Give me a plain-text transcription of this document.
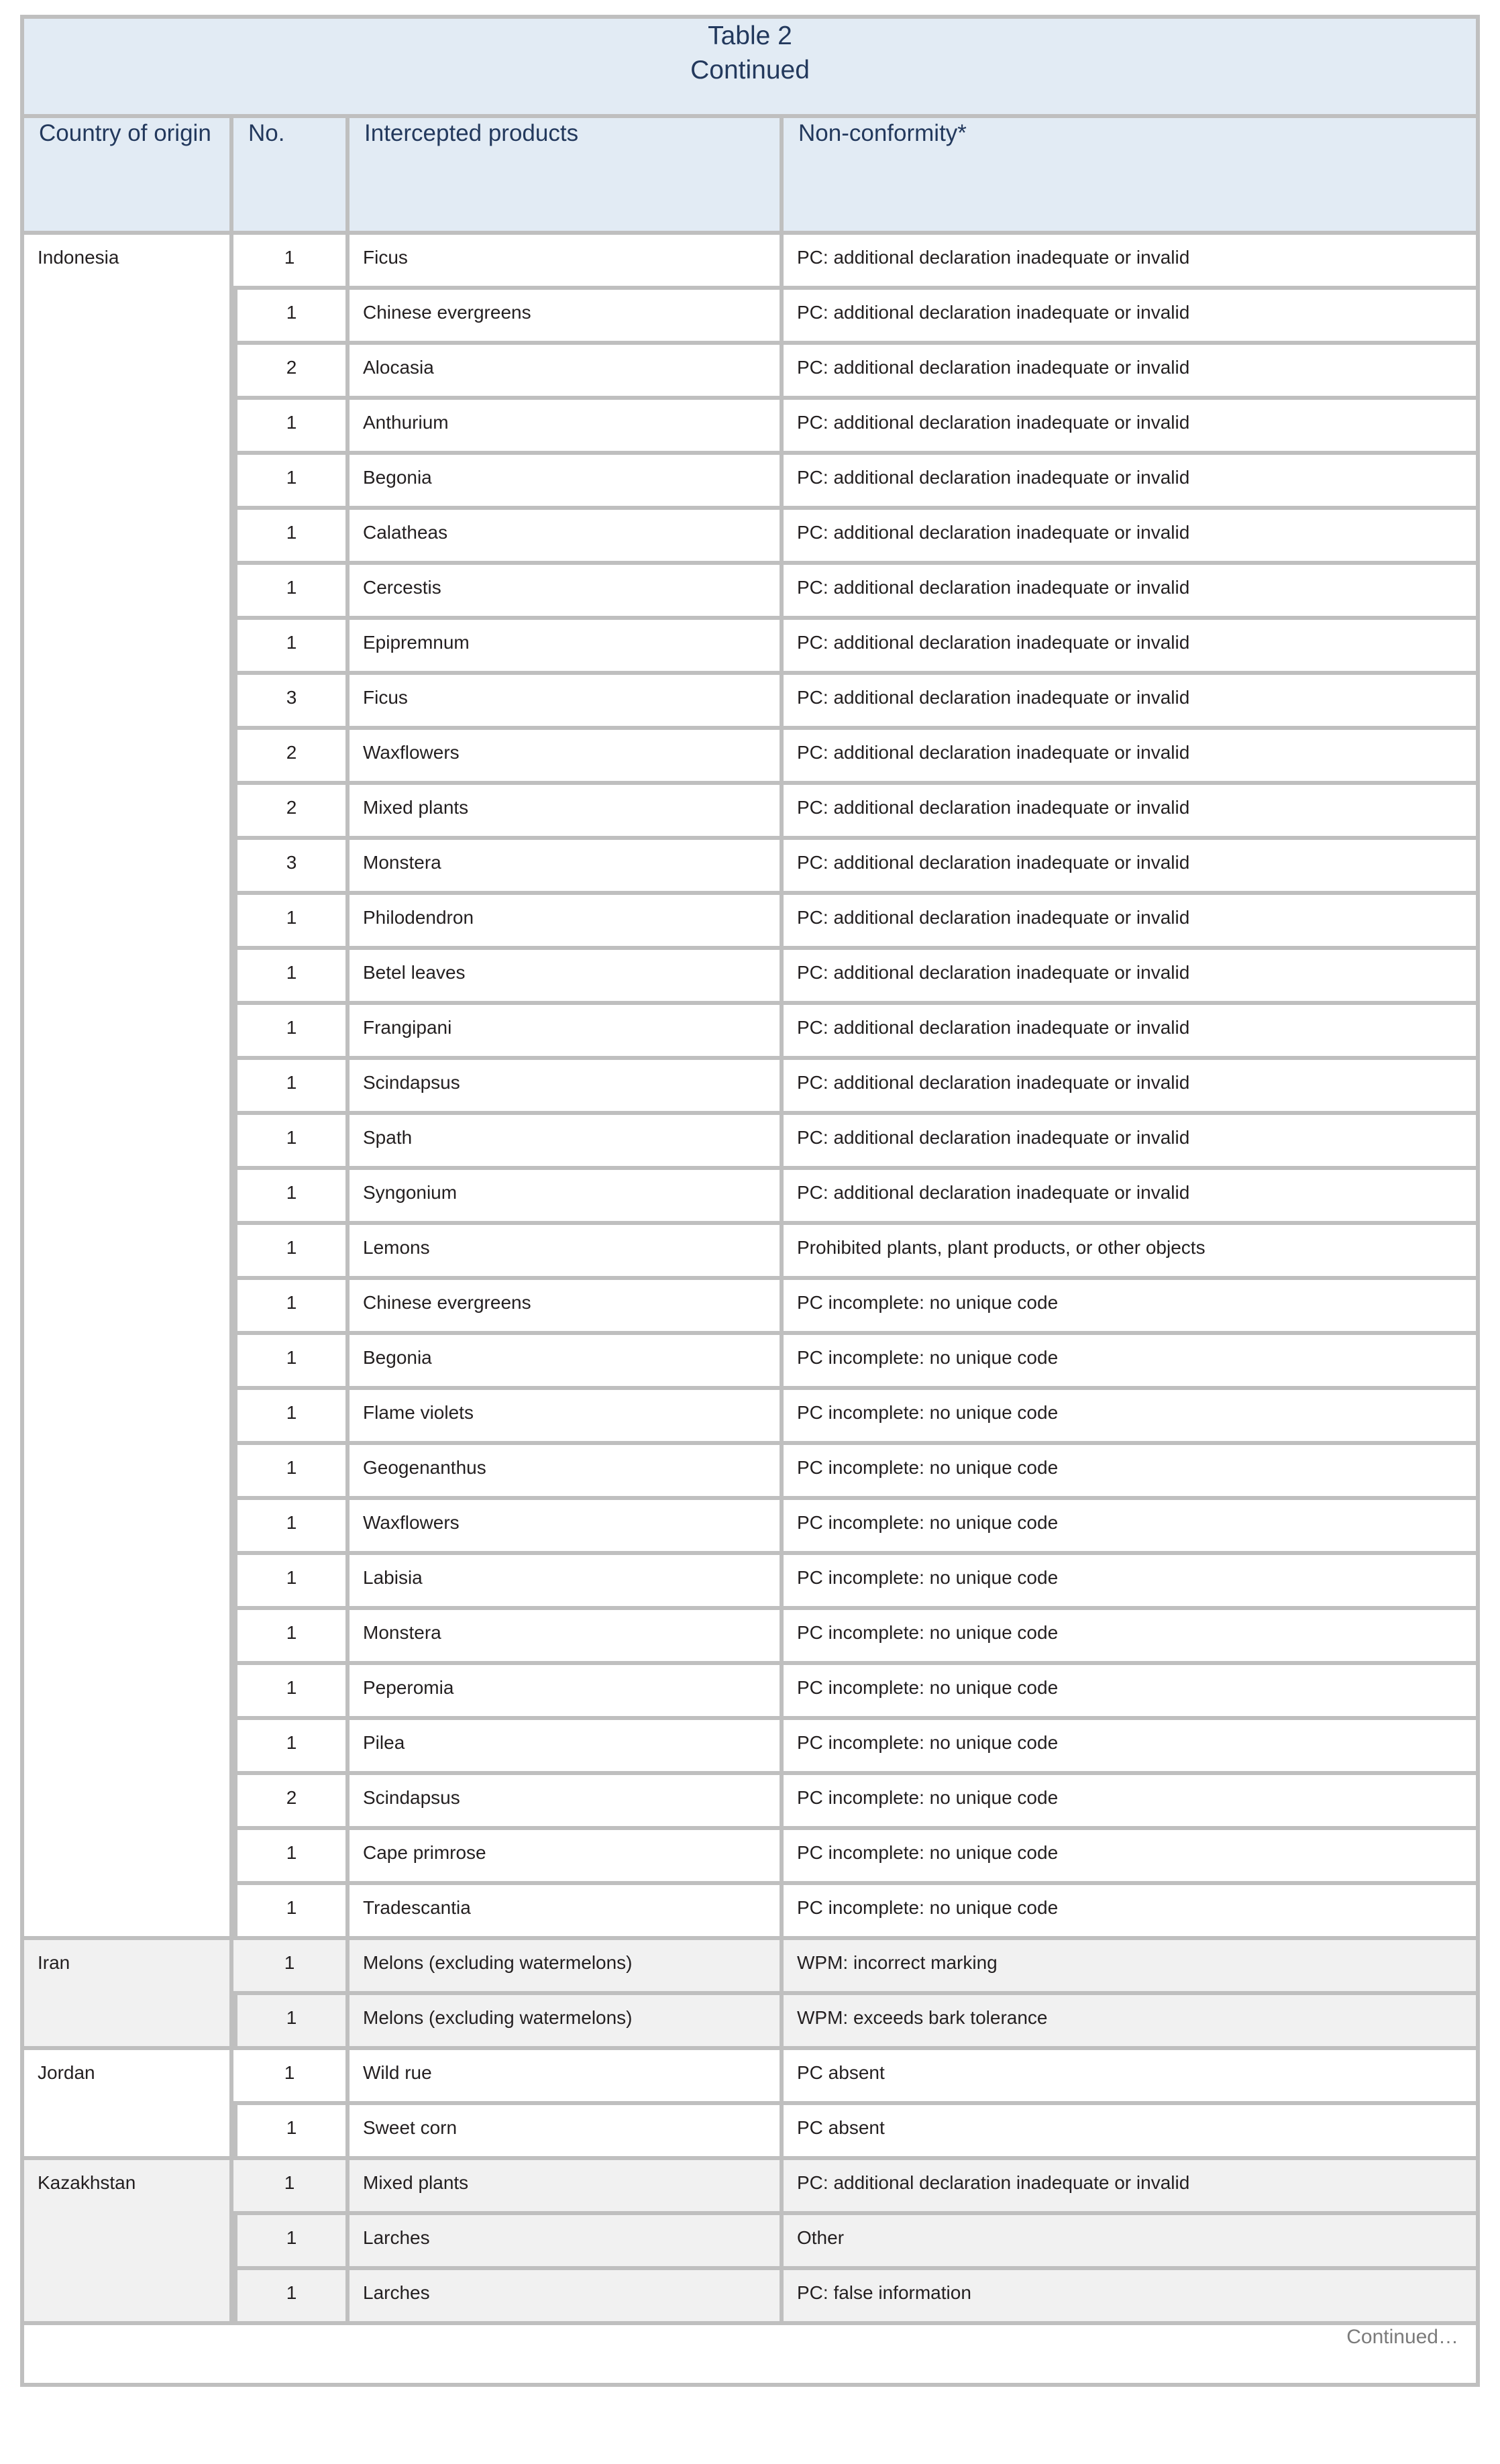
Table 2
Continued			

Country of origin	No.	Intercepted products	Non-conformity*

Indonesia	1	Ficus	PC: additional declaration inadequate or invalid

	1	Chinese evergreens	PC: additional declaration inadequate or invalid

	2	Alocasia	PC: additional declaration inadequate or invalid

	1	Anthurium	PC: additional declaration inadequate or invalid

	1	Begonia	PC: additional declaration inadequate or invalid

	1	Calatheas	PC: additional declaration inadequate or invalid

	1	Cercestis	PC: additional declaration inadequate or invalid

	1	Epipremnum	PC: additional declaration inadequate or invalid

	3	Ficus	PC: additional declaration inadequate or invalid

	2	Waxflowers	PC: additional declaration inadequate or invalid

	2	Mixed plants	PC: additional declaration inadequate or invalid

	3	Monstera	PC: additional declaration inadequate or invalid

	1	Philodendron	PC: additional declaration inadequate or invalid

	1	Betel leaves	PC: additional declaration inadequate or invalid

	1	Frangipani	PC: additional declaration inadequate or invalid

	1	Scindapsus	PC: additional declaration inadequate or invalid

	1	Spath	PC: additional declaration inadequate or invalid

	1	Syngonium	PC: additional declaration inadequate or invalid

	1	Lemons	Prohibited plants, plant products, or other objects

	1	Chinese evergreens	PC incomplete: no unique code

	1	Begonia	PC incomplete: no unique code

	1	Flame violets	PC incomplete: no unique code

	1	Geogenanthus	PC incomplete: no unique code

	1	Waxflowers	PC incomplete: no unique code

	1	Labisia	PC incomplete: no unique code

	1	Monstera	PC incomplete: no unique code

	1	Peperomia	PC incomplete: no unique code

	1	Pilea	PC incomplete: no unique code

	2	Scindapsus	PC incomplete: no unique code

	1	Cape primrose	PC incomplete: no unique code

	1	Tradescantia	PC incomplete: no unique code

Iran	1	Melons (excluding watermelons)	WPM: incorrect marking

	1	Melons (excluding watermelons)	WPM: exceeds bark tolerance

Jordan	1	Wild rue	PC absent

	1	Sweet corn	PC absent

Kazakhstan	1	Mixed plants	PC: additional declaration inadequate or invalid

	1	Larches	Other

	1	Larches	PC: false information

Continued…			
